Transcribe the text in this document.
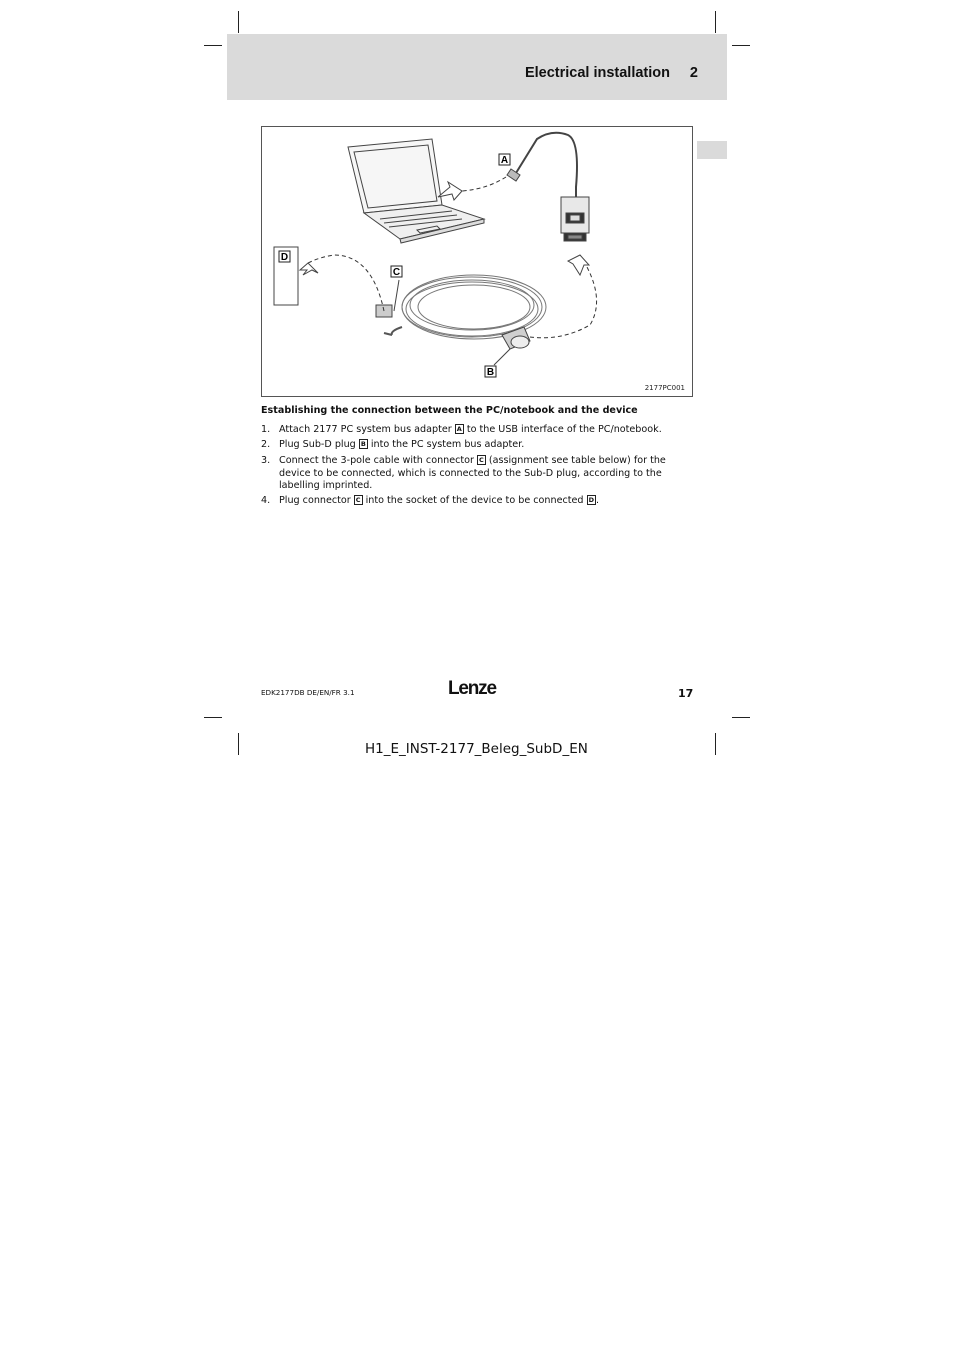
Electrical installation 2
A
D
C
B
2177PC001
Establishing the connection between the PC/notebook and the device
1. Attach 2177 PC system bus adapter A to the USB interface of the PC/notebook.
2. Plug Sub-D plug B into the PC system bus adapter.
3. Connect the 3-pole cable with connector C (assignment see table below) for the device to be connected, which is connected to the Sub-D plug, according to the labelling imprinted.
4. Plug connector C into the socket of the device to be connected D .
EDK2177DB DE/EN/FR 3.1	Lenze	17
H1_E_INST-2177_Beleg_SubD_EN
